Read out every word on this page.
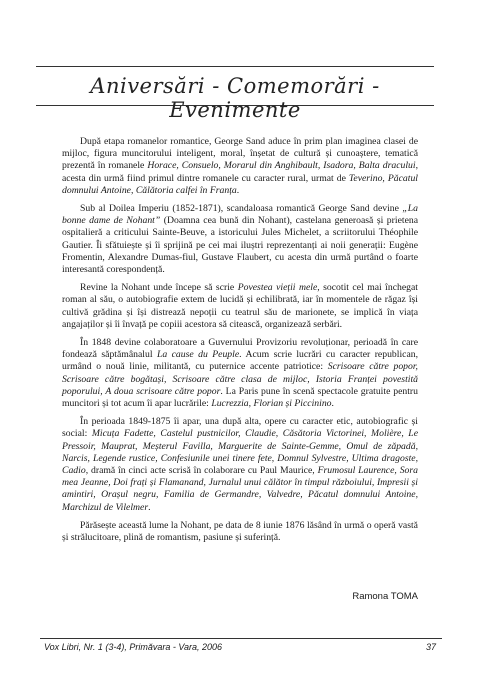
Aniversări - Comemorări - Evenimente

După etapa romanelor romantice, George Sand aduce în prim plan imaginea clasei de mijloc, figura muncitorului inteligent, moral, înșetat de cultură și cunoaștere, tematică prezentă în romanele Horace, Consuelo, Morarul din Anghibault, Isadora, Balta dracului, acesta din urmă fiind primul dintre romanele cu caracter rural, urmat de Teverino, Păcatul domnului Antoine, Călătoria calfei în Franța.

Sub al Doilea Imperiu (1852-1871), scandaloasa romantică George Sand devine „La bonne dame de Nohant” (Doamna cea bună din Nohant), castelana generoasă și prietena ospitalieră a criticului Sainte-Beuve, a istoricului Jules Michelet, a scriitorului Théophile Gautier. Îi sfătuiește și îi sprijină pe cei mai iluștri reprezentanți ai noii generații: Eugène Fromentin, Alexandre Dumas-fiul, Gustave Flaubert, cu acesta din urmă purtând o foarte interesantă corespondență.

Revine la Nohant unde începe să scrie Povestea vieții mele, socotit cel mai închegat roman al său, o autobiografie extem de lucidă și echilibrată, iar în momentele de răgaz își cultivă grădina și își distrează nepoții cu teatrul său de marionete, se implică în viața angajaților și îi învață pe copiii acestora să citească, organizează serbări.

În 1848 devine colaboratoare a Guvernului Provizoriu revoluționar, perioadă în care fondează săptămânalul La cause du Peuple. Acum scrie lucrări cu caracter republican, urmând o nouă linie, militantă, cu puternice accente patriotice: Scrisoare către popor, Scrisoare către bogătași, Scrisoare către clasa de mijloc, Istoria Franței povestită poporului, A doua scrisoare către popor. La Paris pune în scenă spectacole gratuite pentru muncitori și tot acum îi apar lucrările: Lucrezzia, Florian și Piccinino.

În perioada 1849-1875 îi apar, una după alta, opere cu caracter etic, autobiografic și social: Micuța Fadette, Castelul pustnicilor, Claudie, Căsătoria Victorinei, Molière, Le Pressoir, Mauprat, Meșterul Favilla, Marguerite de Sainte-Gemme, Omul de zăpadă, Narcis, Legende rustice, Confesiunile unei tinere fete, Domnul Sylvestre, Ultima dragoste, Cadio, dramă în cinci acte scrisă în colaborare cu Paul Maurice, Frumosul Laurence, Sora mea Jeanne, Doi frați și Flamanand, Jurnalul unui călător în timpul războiului, Impresii și amintiri, Orașul negru, Familia de Germandre, Valvedre, Păcatul domnului Antoine, Marchizul de Vilelmer.

Părăsește această lume la Nohant, pe data de 8 iunie 1876 lăsând în urmă o operă vastă și strălucitoare, plină de romantism, pasiune și suferință.

Ramona TOMA
Vox Libri, Nr. 1 (3-4), Primăvara - Vara, 2006	37
